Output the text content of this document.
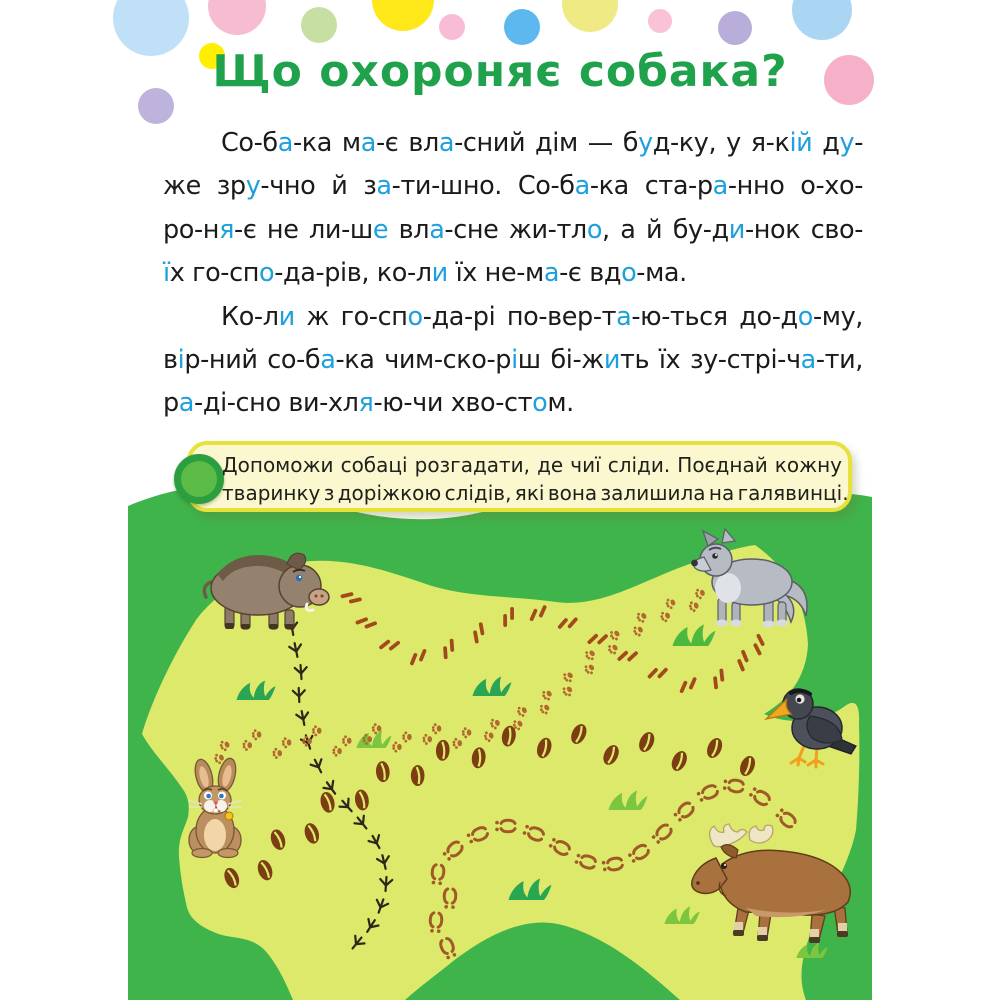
Що охороняє собака?
Со-ба-ка ма-є вла-сний дім — буд-ку, у я-кій ду-
же зру-чно й за-ти-шно. Со-ба-ка ста-ра-нно о-хо-
ро-ня-є не ли-ше вла-сне жи-тло, а й бу-ди-нок сво-
їх го-спо-да-рів, ко-ли їх не-ма-є вдо-ма.
Ко-ли ж го-спо-да-рі по-вер-та-ю-ться до-до-му,
вір-ний со-ба-ка чим-ско-ріш бі-жить їх зу-стрі-ча-ти,
ра-ді-сно ви-хля-ю-чи хво-стом.
Допоможи собаці розгадати, де чиї сліди. Поєднай кожну
тваринку з доріжкою слідів, які вона залишила на галявинці.
